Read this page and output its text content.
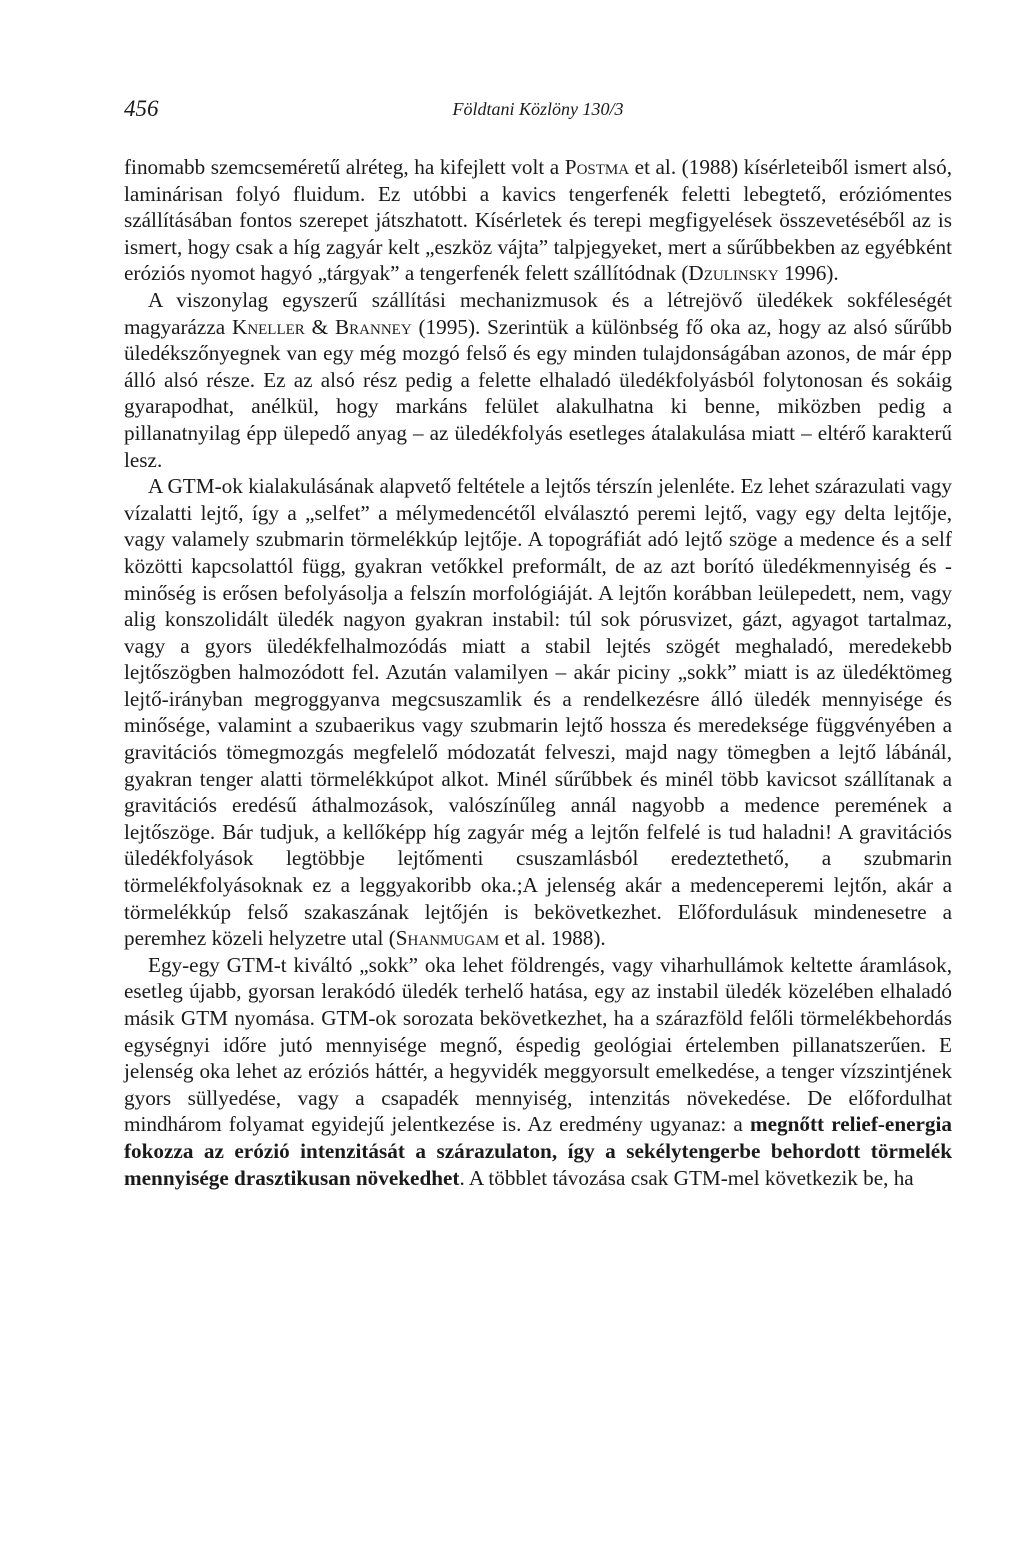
456	Földtani Közlöny 130/3

finomabb szemcseméretű alréteg, ha kifejlett volt a Postma et al. (1988) kísérleteiből ismert alsó, laminárisan folyó fluidum. Ez utóbbi a kavics tengerfenék feletti lebegtető, eróziómentes szállításában fontos szerepet játszhatott. Kísérletek és terepi megfigyelések összevetéséből az is ismert, hogy csak a híg zagyár kelt „eszköz vájta” talpjegyeket, mert a sűrűbbekben az egyébként eróziós nyomot hagyó „tárgyak” a tengerfenék felett szállítódnak (Dzulinsky 1996).

A viszonylag egyszerű szállítási mechanizmusok és a létrejövő üledékek sokféleségét magyarázza Kneller & Branney (1995). Szerintük a különbség fő oka az, hogy az alsó sűrűbb üledékszőnyegnek van egy még mozgó felső és egy minden tulajdonságában azonos, de már épp álló alsó része. Ez az alsó rész pedig a felette elhaladó üledékfolyásból folytonosan és sokáig gyarapodhat, anélkül, hogy markáns felület alakulhatna ki benne, miközben pedig a pillanatnyilag épp ülepedő anyag – az üledékfolyás esetleges átalakulása miatt – eltérő karakterű lesz.

A GTM-ok kialakulásának alapvető feltétele a lejtős térszín jelenléte. Ez lehet szárazulati vagy vízalatti lejtő, így a „selfet” a mélymedencétől elválasztó peremi lejtő, vagy egy delta lejtője, vagy valamely szubmarin törmelékkúp lejtője. A topográfiát adó lejtő szöge a medence és a self közötti kapcsolattól függ, gyakran vetőkkel preformált, de az azt borító üledékmennyiség és -minőség is erősen befolyásolja a felszín morfológiáját. A lejtőn korábban leülepedett, nem, vagy alig konszolidált üledék nagyon gyakran instabil: túl sok pórusvizet, gázt, agyagot tartalmaz, vagy a gyors üledékfelhalmozódás miatt a stabil lejtés szögét meghaladó, meredekebb lejtőszögben halmozódott fel. Azután valamilyen – akár piciny „sokk” miatt is az üledéktömeg lejtő-irányban megroggyanva megcsuszamlik és a rendelkezésre álló üledék mennyisége és minősége, valamint a szubaerikus vagy szubmarin lejtő hossza és meredeksége függvényében a gravitációs tömegmozgás megfelelő módozatát felveszi, majd nagy tömegben a lejtő lábánál, gyakran tenger alatti törmelékkúpot alkot. Minél sűrűbbek és minél több kavicsot szállítanak a gravitációs eredésű áthalmozások, valószínűleg annál nagyobb a medence peremének a lejtőszöge. Bár tudjuk, a kellőképp híg zagyár még a lejtőn felfelé is tud haladni! A gravitációs üledékfolyások legtöbbje lejtőmenti csuszamlásból eredeztethető, a szubmarin törmelékfolyásoknak ez a leggyakoribb oka.;A jelenség akár a medenceperemi lejtőn, akár a törmelékkúp felső szakaszának lejtőjén is bekövetkezhet. Előfordulásuk mindenesetre a peremhez közeli helyzetre utal (Shanmugam et al. 1988).

Egy-egy GTM-t kiváltó „sokk” oka lehet földrengés, vagy viharhullámok keltette áramlások, esetleg újabb, gyorsan lerakódó üledék terhelő hatása, egy az instabil üledék közelében elhaladó másik GTM nyomása. GTM-ok sorozata bekövetkezhet, ha a szárazföld felőli törmelékbehordás egységnyi időre jutó mennyisége megnő, éspedig geológiai értelemben pillanatszerűen. E jelenség oka lehet az eróziós háttér, a hegyvidék meggyorsult emelkedése, a tenger vízszintjének gyors süllyedése, vagy a csapadék mennyiség, intenzitás növekedése. De előfordulhat mindhárom folyamat egyidejű jelentkezése is. Az eredmény ugyanaz: a megnőtt relief-energia fokozza az erózió intenzitását a szárazulaton, így a sekélytengerbe behordott törmelék mennyisége drasztikusan növekedhet. A többlet távozása csak GTM-mel következik be, ha
